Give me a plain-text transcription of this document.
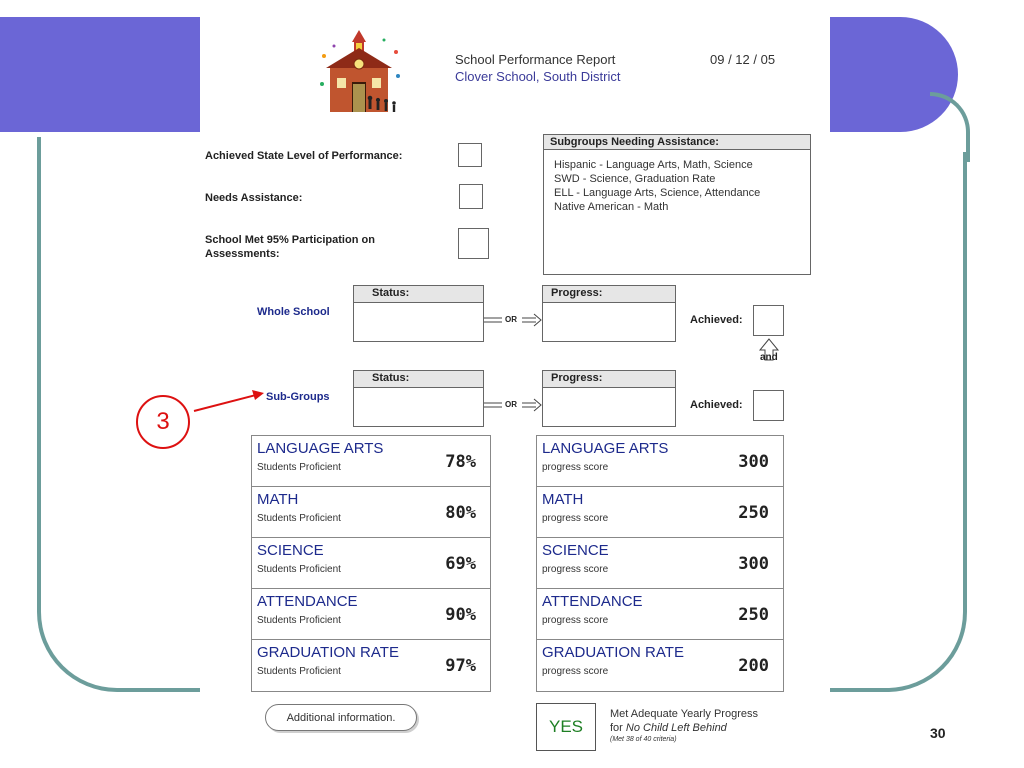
School Performance Report
Clover School, South District
09 / 12 / 05
Achieved State Level of Performance:
Needs Assistance:
School Met 95% Participation on
Assessments:
Subgroups Needing Assistance:
Hispanic - Language Arts, Math, Science
SWD - Science, Graduation Rate
ELL - Language Arts, Science, Attendance
Native American - Math
Whole School
Status:	Progress:
OR	Achieved:
and
Sub-Groups
Status:	Progress:
OR	Achieved:
LANGUAGE ARTS
Students Proficient	78%
MATH
Students Proficient	80%
SCIENCE
Students Proficient	69%
ATTENDANCE
Students Proficient	90%
GRADUATION RATE
Students Proficient	97%
LANGUAGE ARTS
progress score	300
MATH
progress score	250
SCIENCE
progress score	300
ATTENDANCE
progress score	250
GRADUATION RATE
progress score	200
Additional information.	YES
Met Adequate Yearly Progress
for No Child Left Behind
(Met 38 of 40 criteria)
3
30
